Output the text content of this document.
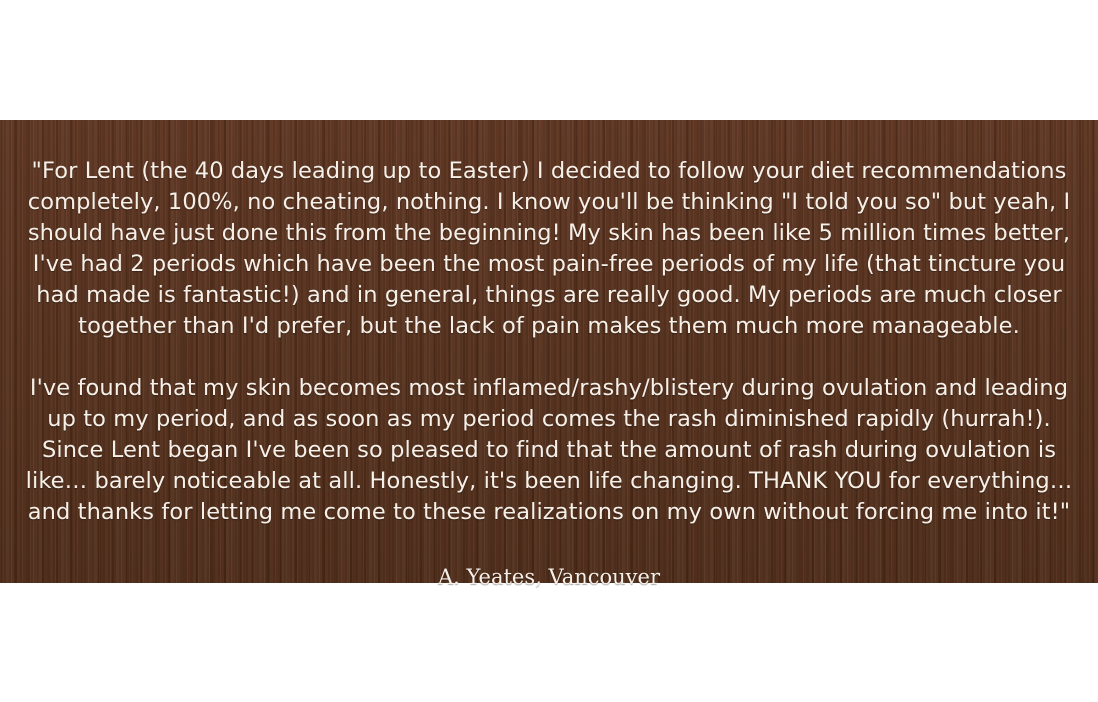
"For Lent (the 40 days leading up to Easter) I decided to follow your diet recommendations completely, 100%, no cheating, nothing. I know you'll be thinking "I told you so" but yeah, I should have just done this from the beginning! My skin has been like 5 million times better, I've had 2 periods which have been the most pain-free periods of my life (that tincture you had made is fantastic!) and in general, things are really good. My periods are much closer together than I'd prefer, but the lack of pain makes them much more manageable.

I've found that my skin becomes most inflamed/rashy/blistery during ovulation and leading up to my period, and as soon as my period comes the rash diminished rapidly (hurrah!). Since Lent began I've been so pleased to find that the amount of rash during ovulation is like… barely noticeable at all. Honestly, it's been life changing. THANK YOU for everything… and thanks for letting me come to these realizations on my own without forcing me into it!"

A. Yeates, Vancouver
